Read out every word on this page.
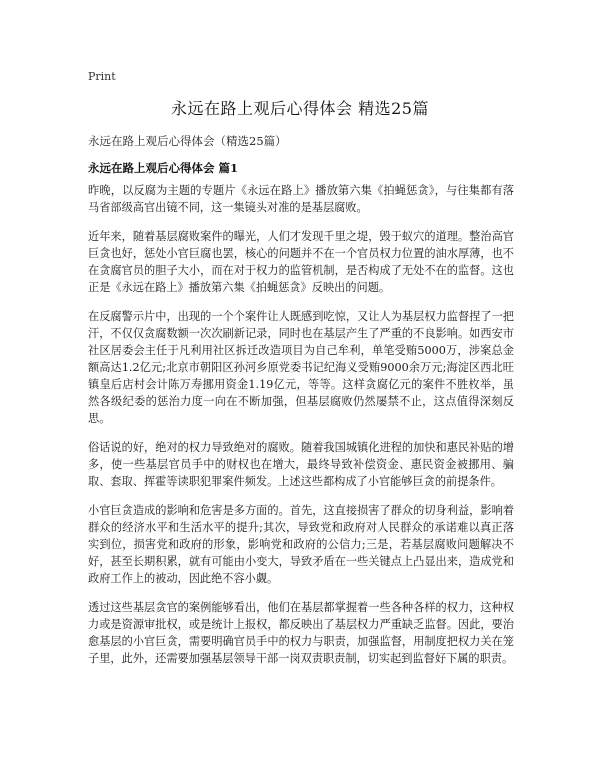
Print
永远在路上观后心得体会 精选25篇
永远在路上观后心得体会（精选25篇）
永远在路上观后心得体会 篇1

昨晚，以反腐为主题的专题片《永远在路上》播放第六集《拍蝇惩贪》，与往集都有落马省部级高官出镜不同，这一集镜头对准的是基层腐败。

近年来，随着基层腐败案件的曝光，人们才发现千里之堤，毁于蚁穴的道理。整治高官巨贪也好，惩处小官巨腐也罢，核心的问题并不在一个官员权力位置的油水厚薄，也不在贪腐官员的胆子大小，而在对于权力的监管机制，是否构成了无处不在的监督。这也正是《永远在路上》播放第六集《拍蝇惩贪》反映出的问题。

在反腐警示片中，出现的一个个案件让人既感到吃惊，又让人为基层权力监督捏了一把汗，不仅仅贪腐数额一次次刷新记录，同时也在基层产生了严重的不良影响。如西安市社区居委会主任于凡利用社区拆迁改造项目为自己牟利，单笔受贿5000万，涉案总金额高达1.2亿元;北京市朝阳区孙河乡原党委书记纪海义受贿9000余万元;海淀区西北旺镇皇后店村会计陈万寿挪用资金1.19亿元，等等。这样贪腐亿元的案件不胜枚举，虽然各级纪委的惩治力度一向在不断加强，但基层腐败仍然屡禁不止，这点值得深刻反思。

俗话说的好，绝对的权力导致绝对的腐败。随着我国城镇化进程的加快和惠民补贴的增多，使一些基层官员手中的财权也在增大，最终导致补偿资金、惠民资金被挪用、骗取、套取、挥霍等读职犯罪案件频发。上述这些都构成了小官能够巨贪的前提条件。

小官巨贪造成的影响和危害是多方面的。首先，这直接损害了群众的切身利益，影响着群众的经济水平和生活水平的提升;其次，导致党和政府对人民群众的承诺难以真正落实到位，损害党和政府的形象，影响党和政府的公信力;三是，若基层腐败问题解决不好，甚至长期积累，就有可能由小变大，导致矛盾在一些关键点上凸显出来，造成党和政府工作上的被动，因此绝不容小觑。

透过这些基层贪官的案例能够看出，他们在基层都掌握着一些各种各样的权力，这种权力或是资源审批权，或是统计上报权，都反映出了基层权力严重缺乏监督。因此，要治愈基层的小官巨贪，需要明确官员手中的权力与职责，加强监督，用制度把权力关在笼子里，此外，还需要加强基层领导干部一岗双责职责制，切实起到监督好下属的职责。
